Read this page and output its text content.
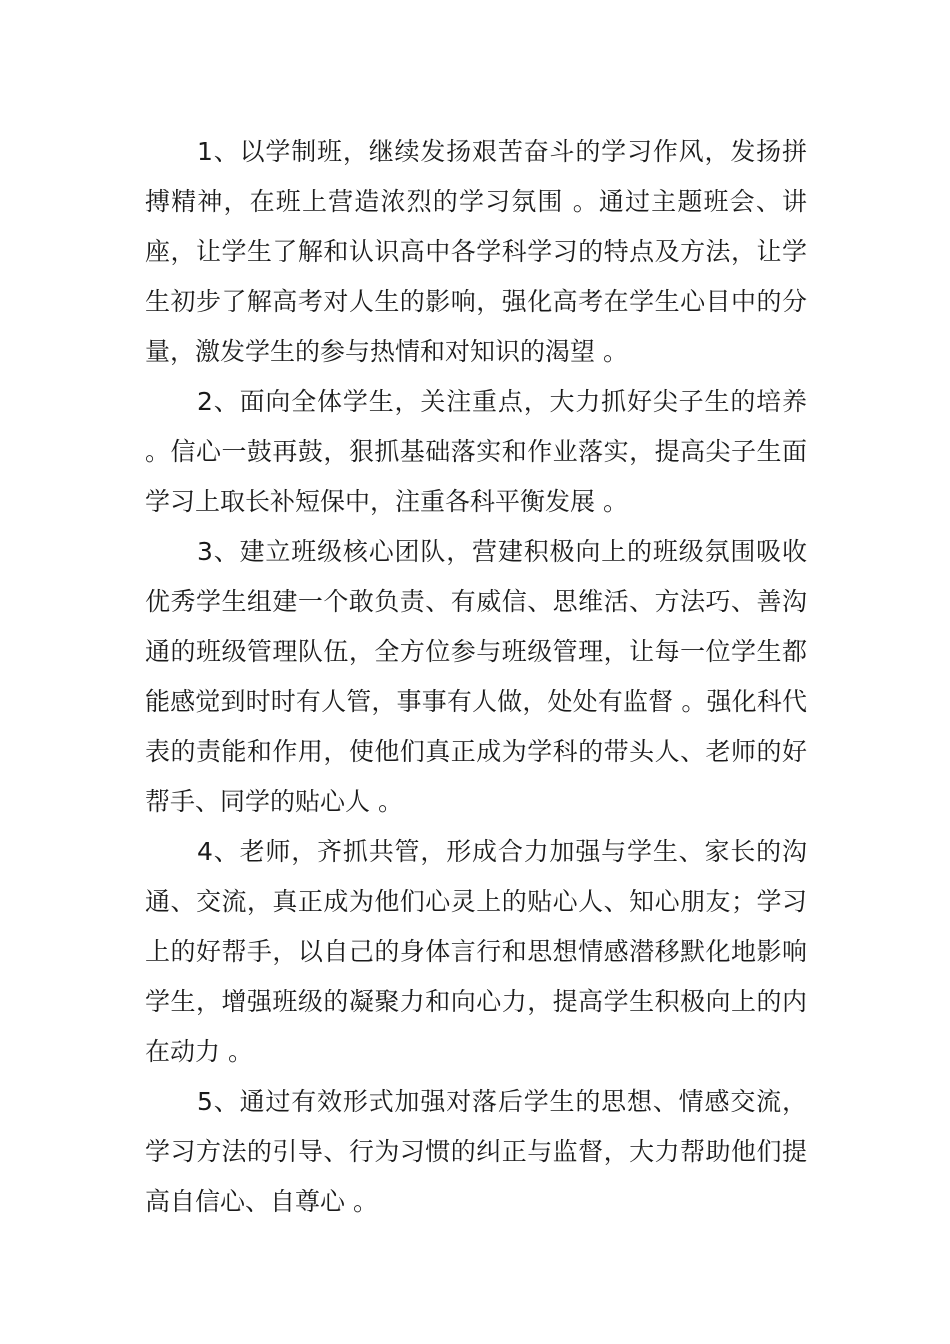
1、以学制班，继续发扬艰苦奋斗的学习作风，发扬拼搏精神，在班上营造浓烈的学习氛围 。通过主题班会、讲座，让学生了解和认识高中各学科学习的特点及方法，让学生初步了解高考对人生的影响，强化高考在学生心目中的分量，激发学生的参与热情和对知识的渴望 。

2、面向全体学生，关注重点，大力抓好尖子生的培养 。信心一鼓再鼓，狠抓基础落实和作业落实，提高尖子生面学习上取长补短保中，注重各科平衡发展 。

3、建立班级核心团队，营建积极向上的班级氛围吸收优秀学生组建一个敢负责、有威信、思维活、方法巧、善沟通的班级管理队伍，全方位参与班级管理，让每一位学生都能感觉到时时有人管，事事有人做，处处有监督 。强化科代表的责能和作用，使他们真正成为学科的带头人、老师的好帮手、同学的贴心人 。

4、老师，齐抓共管，形成合力加强与学生、家长的沟通、交流，真正成为他们心灵上的贴心人、知心朋友；学习上的好帮手，以自己的身体言行和思想情感潜移默化地影响学生，增强班级的凝聚力和向心力，提高学生积极向上的内在动力 。

5、通过有效形式加强对落后学生的思想、情感交流，学习方法的引导、行为习惯的纠正与监督，大力帮助他们提高自信心、自尊心 。
